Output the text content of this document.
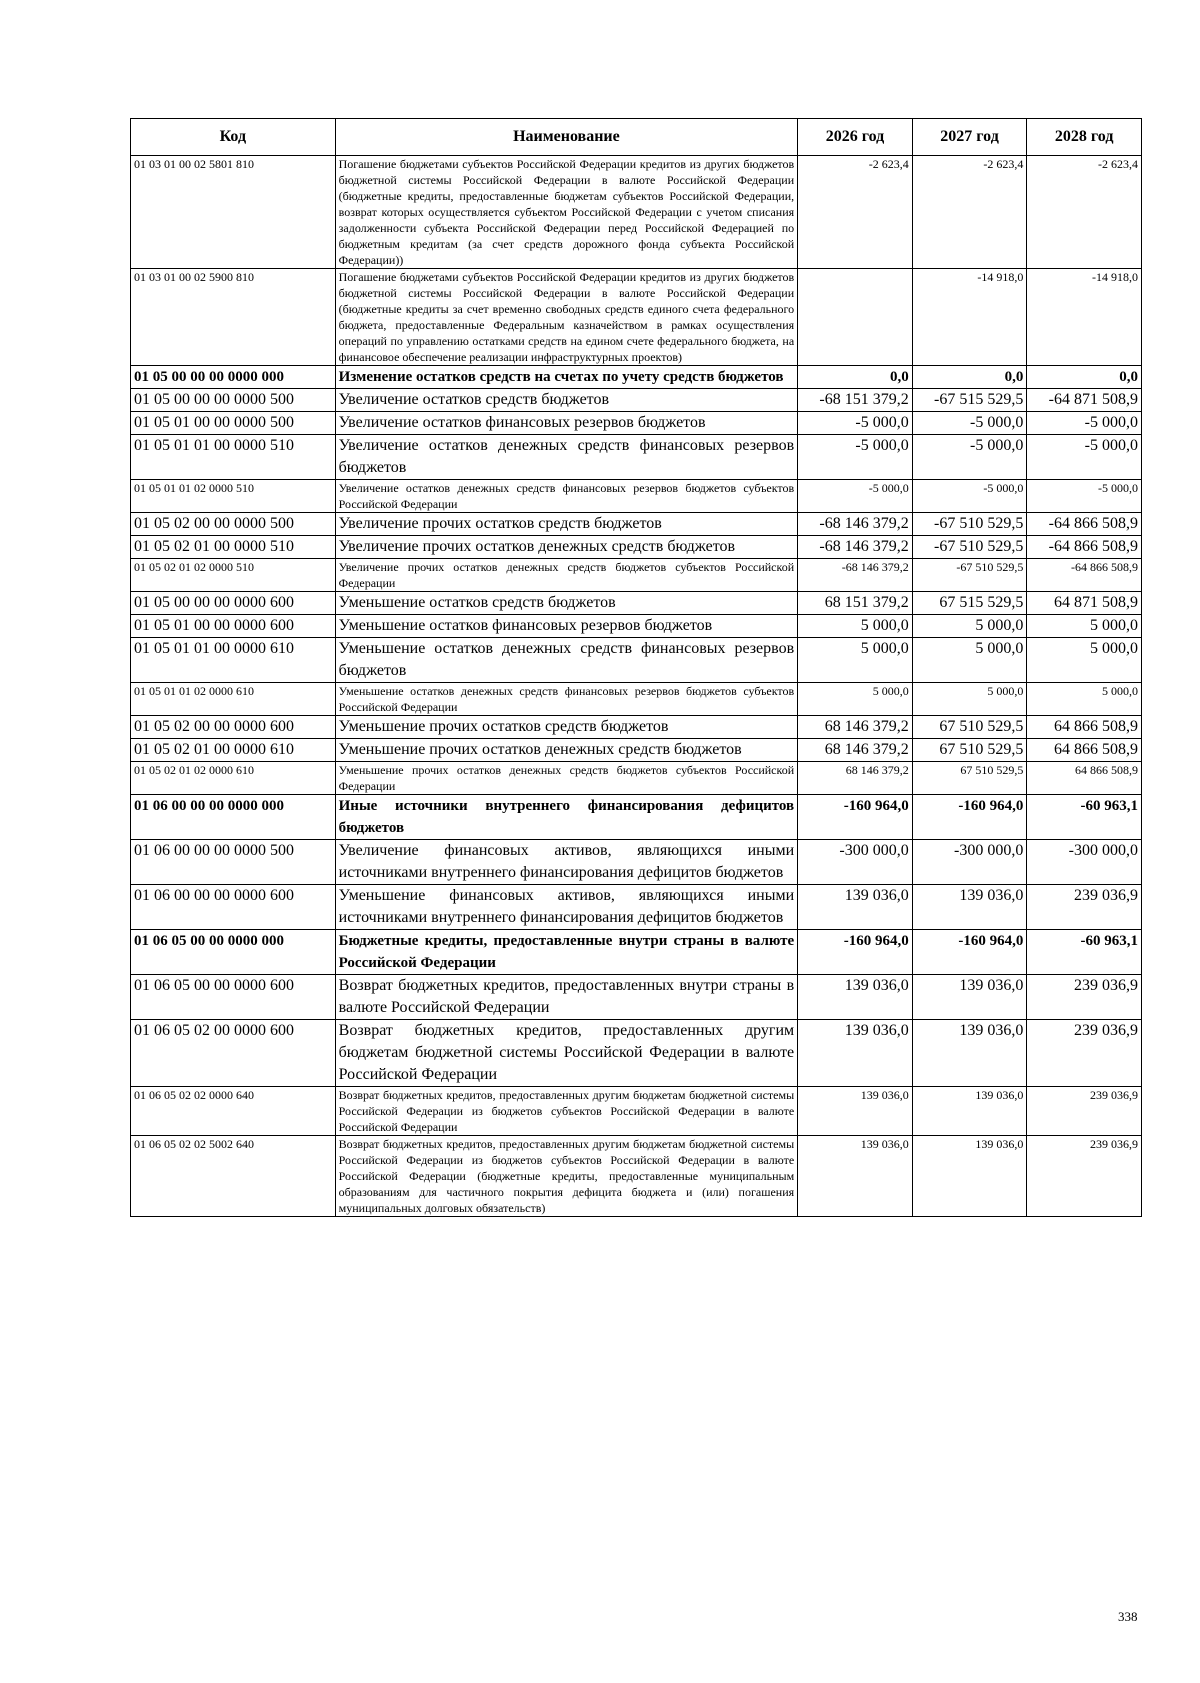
Код	Наименование	2026 год	2027 год	2028 год
01 03 01 00 02 5801 810	Погашение бюджетами субъектов Российской Федерации кредитов из других бюджетов бюджетной системы Российской Федерации в валюте Российской Федерации (бюджетные кредиты, предоставленные бюджетам субъектов Российской Федерации, возврат которых осуществляется субъектом Российской Федерации с учетом списания задолженности субъекта Российской Федерации перед Российской Федерацией по бюджетным кредитам (за счет средств дорожного фонда субъекта Российской Федерации))	-2 623,4	-2 623,4	-2 623,4
01 03 01 00 02 5900 810	Погашение бюджетами субъектов Российской Федерации кредитов из других бюджетов бюджетной системы Российской Федерации в валюте Российской Федерации (бюджетные кредиты за счет временно свободных средств единого счета федерального бюджета, предоставленные Федеральным казначейством в рамках осуществления операций по управлению остатками средств на едином счете федерального бюджета, на финансовое обеспечение реализации инфраструктурных проектов)		-14 918,0	-14 918,0
01 05 00 00 00 0000 000	Изменение остатков средств на счетах по учету средств бюджетов	0,0	0,0	0,0
01 05 00 00 00 0000 500	Увеличение остатков средств бюджетов	-68 151 379,2	-67 515 529,5	-64 871 508,9
01 05 01 00 00 0000 500	Увеличение остатков финансовых резервов бюджетов	-5 000,0	-5 000,0	-5 000,0
01 05 01 01 00 0000 510	Увеличение остатков денежных средств финансовых резервов бюджетов	-5 000,0	-5 000,0	-5 000,0
01 05 01 01 02 0000 510	Увеличение остатков денежных средств финансовых резервов бюджетов субъектов Российской Федерации	-5 000,0	-5 000,0	-5 000,0
01 05 02 00 00 0000 500	Увеличение прочих остатков средств бюджетов	-68 146 379,2	-67 510 529,5	-64 866 508,9
01 05 02 01 00 0000 510	Увеличение прочих остатков денежных средств бюджетов	-68 146 379,2	-67 510 529,5	-64 866 508,9
01 05 02 01 02 0000 510	Увеличение прочих остатков денежных средств бюджетов субъектов Российской Федерации	-68 146 379,2	-67 510 529,5	-64 866 508,9
01 05 00 00 00 0000 600	Уменьшение остатков средств бюджетов	68 151 379,2	67 515 529,5	64 871 508,9
01 05 01 00 00 0000 600	Уменьшение остатков финансовых резервов бюджетов	5 000,0	5 000,0	5 000,0
01 05 01 01 00 0000 610	Уменьшение остатков денежных средств финансовых резервов бюджетов	5 000,0	5 000,0	5 000,0
01 05 01 01 02 0000 610	Уменьшение остатков денежных средств финансовых резервов бюджетов субъектов Российской Федерации	5 000,0	5 000,0	5 000,0
01 05 02 00 00 0000 600	Уменьшение прочих остатков средств бюджетов	68 146 379,2	67 510 529,5	64 866 508,9
01 05 02 01 00 0000 610	Уменьшение прочих остатков денежных средств бюджетов	68 146 379,2	67 510 529,5	64 866 508,9
01 05 02 01 02 0000 610	Уменьшение прочих остатков денежных средств бюджетов субъектов Российской Федерации	68 146 379,2	67 510 529,5	64 866 508,9
01 06 00 00 00 0000 000	Иные источники внутреннего финансирования дефицитов бюджетов	-160 964,0	-160 964,0	-60 963,1
01 06 00 00 00 0000 500	Увеличение финансовых активов, являющихся иными источниками внутреннего финансирования дефицитов бюджетов	-300 000,0	-300 000,0	-300 000,0
01 06 00 00 00 0000 600	Уменьшение финансовых активов, являющихся иными источниками внутреннего финансирования дефицитов бюджетов	139 036,0	139 036,0	239 036,9
01 06 05 00 00 0000 000	Бюджетные кредиты, предоставленные внутри страны в валюте Российской Федерации	-160 964,0	-160 964,0	-60 963,1
01 06 05 00 00 0000 600	Возврат бюджетных кредитов, предоставленных внутри страны в валюте Российской Федерации	139 036,0	139 036,0	239 036,9
01 06 05 02 00 0000 600	Возврат бюджетных кредитов, предоставленных другим бюджетам бюджетной системы Российской Федерации в валюте Российской Федерации	139 036,0	139 036,0	239 036,9
01 06 05 02 02 0000 640	Возврат бюджетных кредитов, предоставленных другим бюджетам бюджетной системы Российской Федерации из бюджетов субъектов Российской Федерации в валюте Российской Федерации	139 036,0	139 036,0	239 036,9
01 06 05 02 02 5002 640	Возврат бюджетных кредитов, предоставленных другим бюджетам бюджетной системы Российской Федерации из бюджетов субъектов Российской Федерации в валюте Российской Федерации (бюджетные кредиты, предоставленные муниципальным образованиям для частичного покрытия дефицита бюджета и (или) погашения муниципальных долговых обязательств)	139 036,0	139 036,0	239 036,9
338
